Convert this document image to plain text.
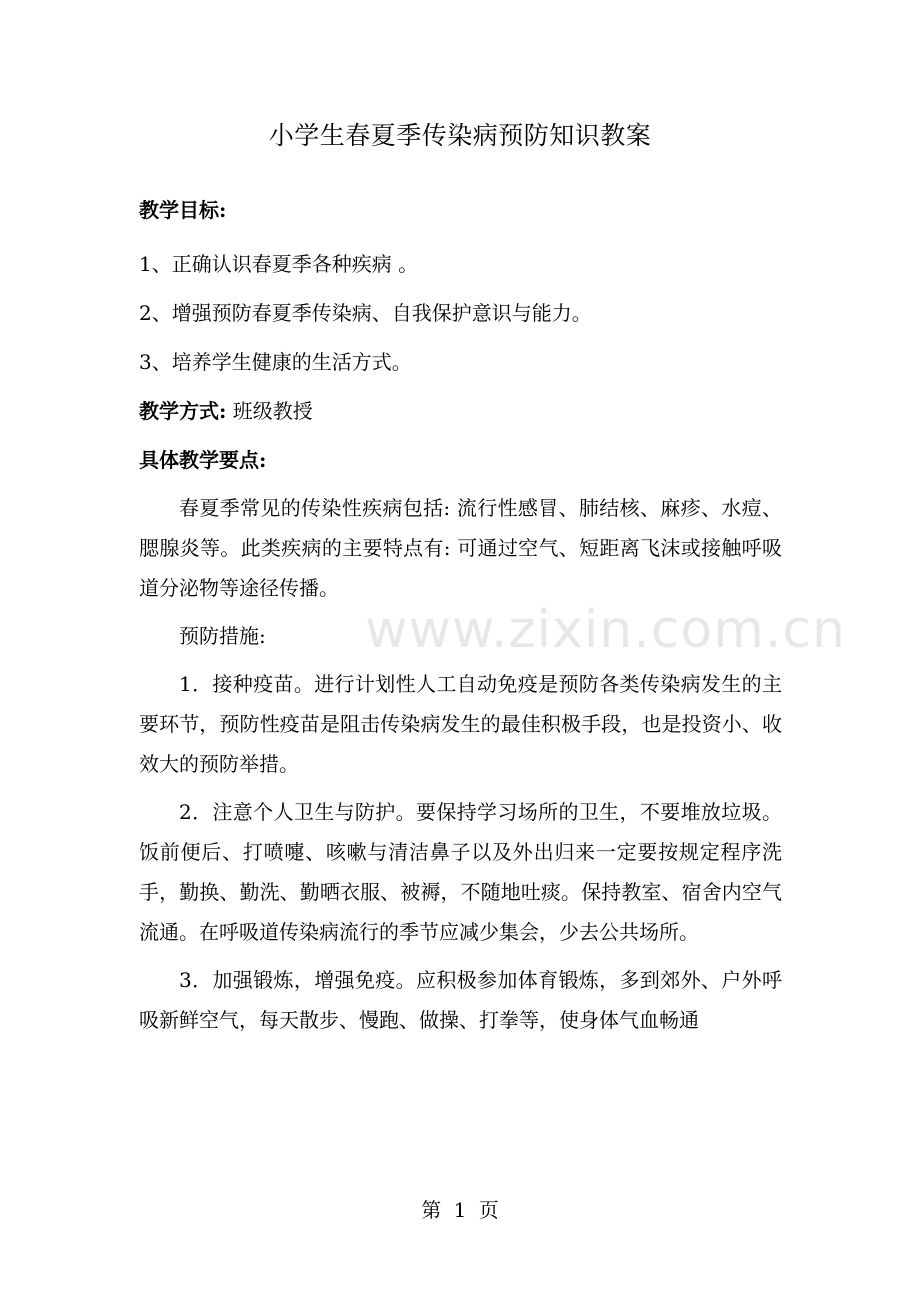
小学生春夏季传染病预防知识教案

教学目标:

1、正确认识春夏季各种疾病 。

2、增强预防春夏季传染病、自我保护意识与能力。

3、培养学生健康的生活方式。

教学方式: 班级教授

具体教学要点:

春夏季常见的传染性疾病包括: 流行性感冒、肺结核、麻疹、水痘、腮腺炎等。此类疾病的主要特点有: 可通过空气、短距离飞沫或接触呼吸道分泌物等途径传播。

预防措施:

1．接种疫苗。进行计划性人工自动免疫是预防各类传染病发生的主要环节，预防性疫苗是阻击传染病发生的最佳积极手段，也是投资小、收效大的预防举措。

2．注意个人卫生与防护。要保持学习场所的卫生，不要堆放垃圾。饭前便后、打喷嚏、咳嗽与清洁鼻子以及外出归来一定要按规定程序洗手，勤换、勤洗、勤晒衣服、被褥，不随地吐痰。保持教室、宿舍内空气流通。在呼吸道传染病流行的季节应减少集会，少去公共场所。

3．加强锻炼，增强免疫。应积极参加体育锻炼，多到郊外、户外呼吸新鲜空气，每天散步、慢跑、做操、打拳等，使身体气血畅通

www.zixin.com.cn
第 1 页
